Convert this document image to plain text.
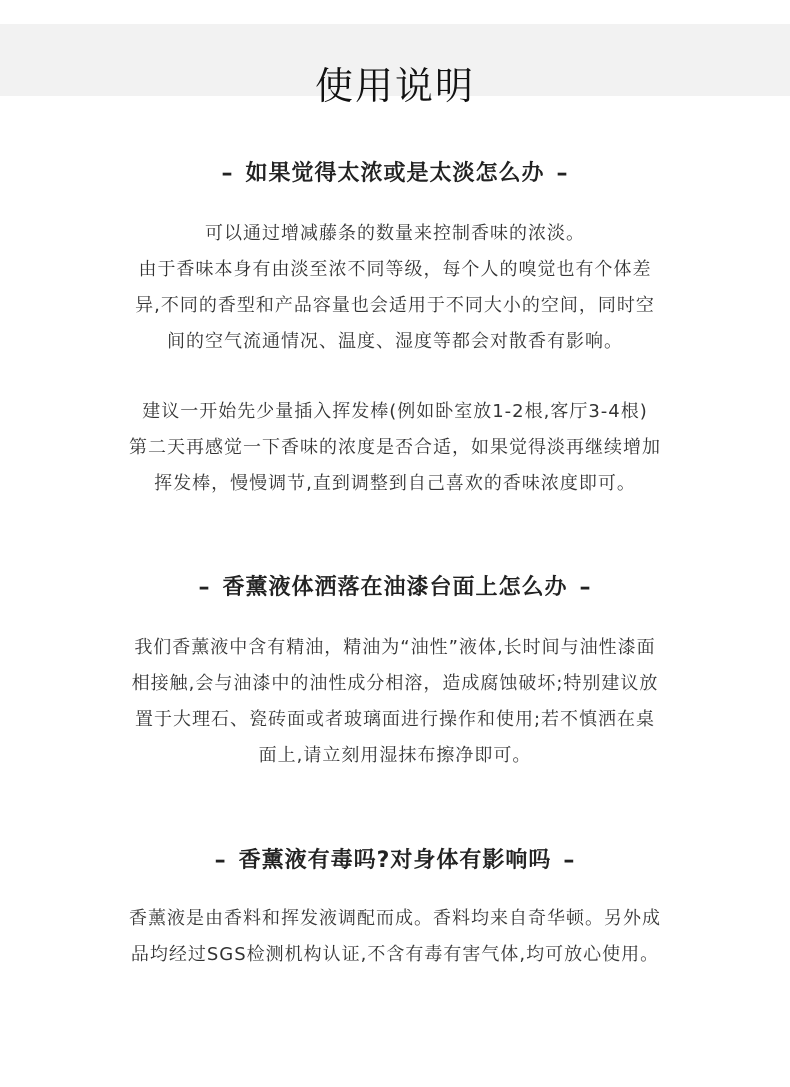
使用说明
– 如果觉得太浓或是太淡怎么办 –

可以通过增减藤条的数量来控制香味的浓淡。
由于香味本身有由淡至浓不同等级，每个人的嗅觉也有个体差
异,不同的香型和产品容量也会适用于不同大小的空间，同时空
间的空气流通情况、温度、湿度等都会对散香有影响。

建议一开始先少量插入挥发棒(例如卧室放1-2根,客厅3-4根)
第二天再感觉一下香味的浓度是否合适，如果觉得淡再继续增加
挥发棒，慢慢调节,直到调整到自己喜欢的香味浓度即可。

– 香薰液体洒落在油漆台面上怎么办 –

我们香薰液中含有精油，精油为“油性”液体,长时间与油性漆面
相接触,会与油漆中的油性成分相溶，造成腐蚀破坏;特别建议放
置于大理石、瓷砖面或者玻璃面进行操作和使用;若不慎洒在桌
面上,请立刻用湿抹布擦净即可。

– 香薰液有毒吗?对身体有影响吗 –

香薰液是由香料和挥发液调配而成。香料均来自奇华顿。另外成
品均经过SGS检测机构认证,不含有毒有害气体,均可放心使用。
